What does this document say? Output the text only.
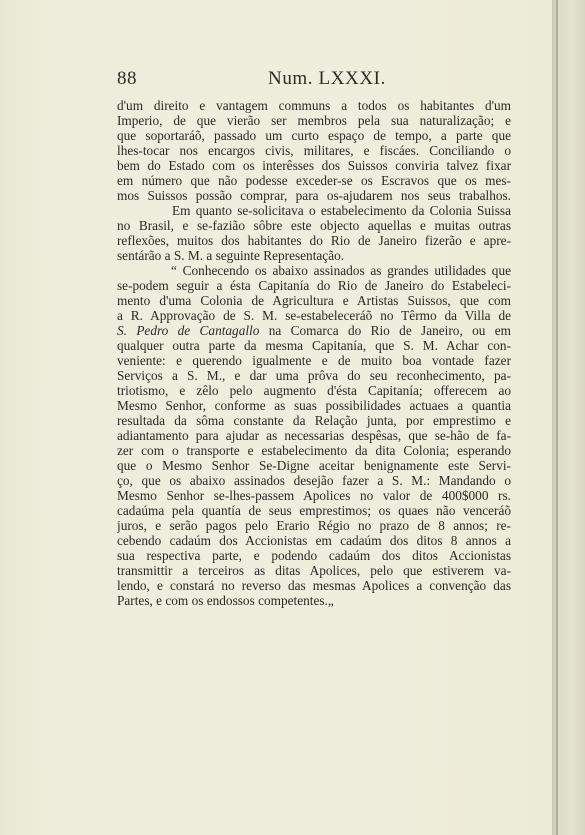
88	Num. LXXXI.
d'um direito e vantagem communs a todos os habitantes d'um
Imperio, de que vierão ser membros pela sua naturalização; e
que soportaráõ, passado um curto espaço de tempo, a parte que
lhes-tocar nos encargos civis, militares, e fiscáes. Conciliando o
bem do Estado com os interêsses dos Suissos conviria talvez fixar
em número que não podesse exceder-se os Escravos que os mes-
mos Suissos possão comprar, para os-ajudarem nos seus trabalhos.
Em quanto se-solicitava o estabelecimento da Colonia Suissa
no Brasil, e se-fazião sôbre este objecto aquellas e muitas outras
reflexões, muitos dos habitantes do Rio de Janeiro fizerão e apre-
sentárão a S. M. a seguinte Representação.
“ Conhecendo os abaixo assinados as grandes utilidades que
se-podem seguir a ésta Capitanía do Rio de Janeiro do Estabeleci-
mento d'uma Colonia de Agricultura e Artistas Suissos, que com
a R. Approvação de S. M. se-estabeleceráõ no Têrmo da Villa de
S. Pedro de Cantagallo na Comarca do Rio de Janeiro, ou em
qualquer outra parte da mesma Capitanía, que S. M. Achar con-
veniente: e querendo igualmente e de muito boa vontade fazer
Serviços a S. M., e dar uma prôva do seu reconhecimento, pa-
triotismo, e zêlo pelo augmento d'ésta Capitanía; offerecem ao
Mesmo Senhor, conforme as suas possibilidades actuaes a quantia
resultada da sôma constante da Relação junta, por emprestimo e
adiantamento para ajudar as necessarias despêsas, que se-hão de fa-
zer com o transporte e estabelecimento da dita Colonia; esperando
que o Mesmo Senhor Se-Digne aceitar benignamente este Servi-
ço, que os abaixo assinados desejão fazer a S. M.: Mandando o
Mesmo Senhor se-lhes-passem Apolices no valor de 400$000 rs.
cadaúma pela quantía de seus emprestimos; os quaes não venceráõ
juros, e serão pagos pelo Erario Régio no prazo de 8 annos; re-
cebendo cadaúm dos Accionistas em cadaúm dos ditos 8 annos a
sua respectiva parte, e podendo cadaúm dos ditos Accionistas
transmittir a terceiros as ditas Apolices, pelo que estiverem va-
lendo, e constará no reverso das mesmas Apolices a convenção das
Partes, e com os endossos competentes.„
